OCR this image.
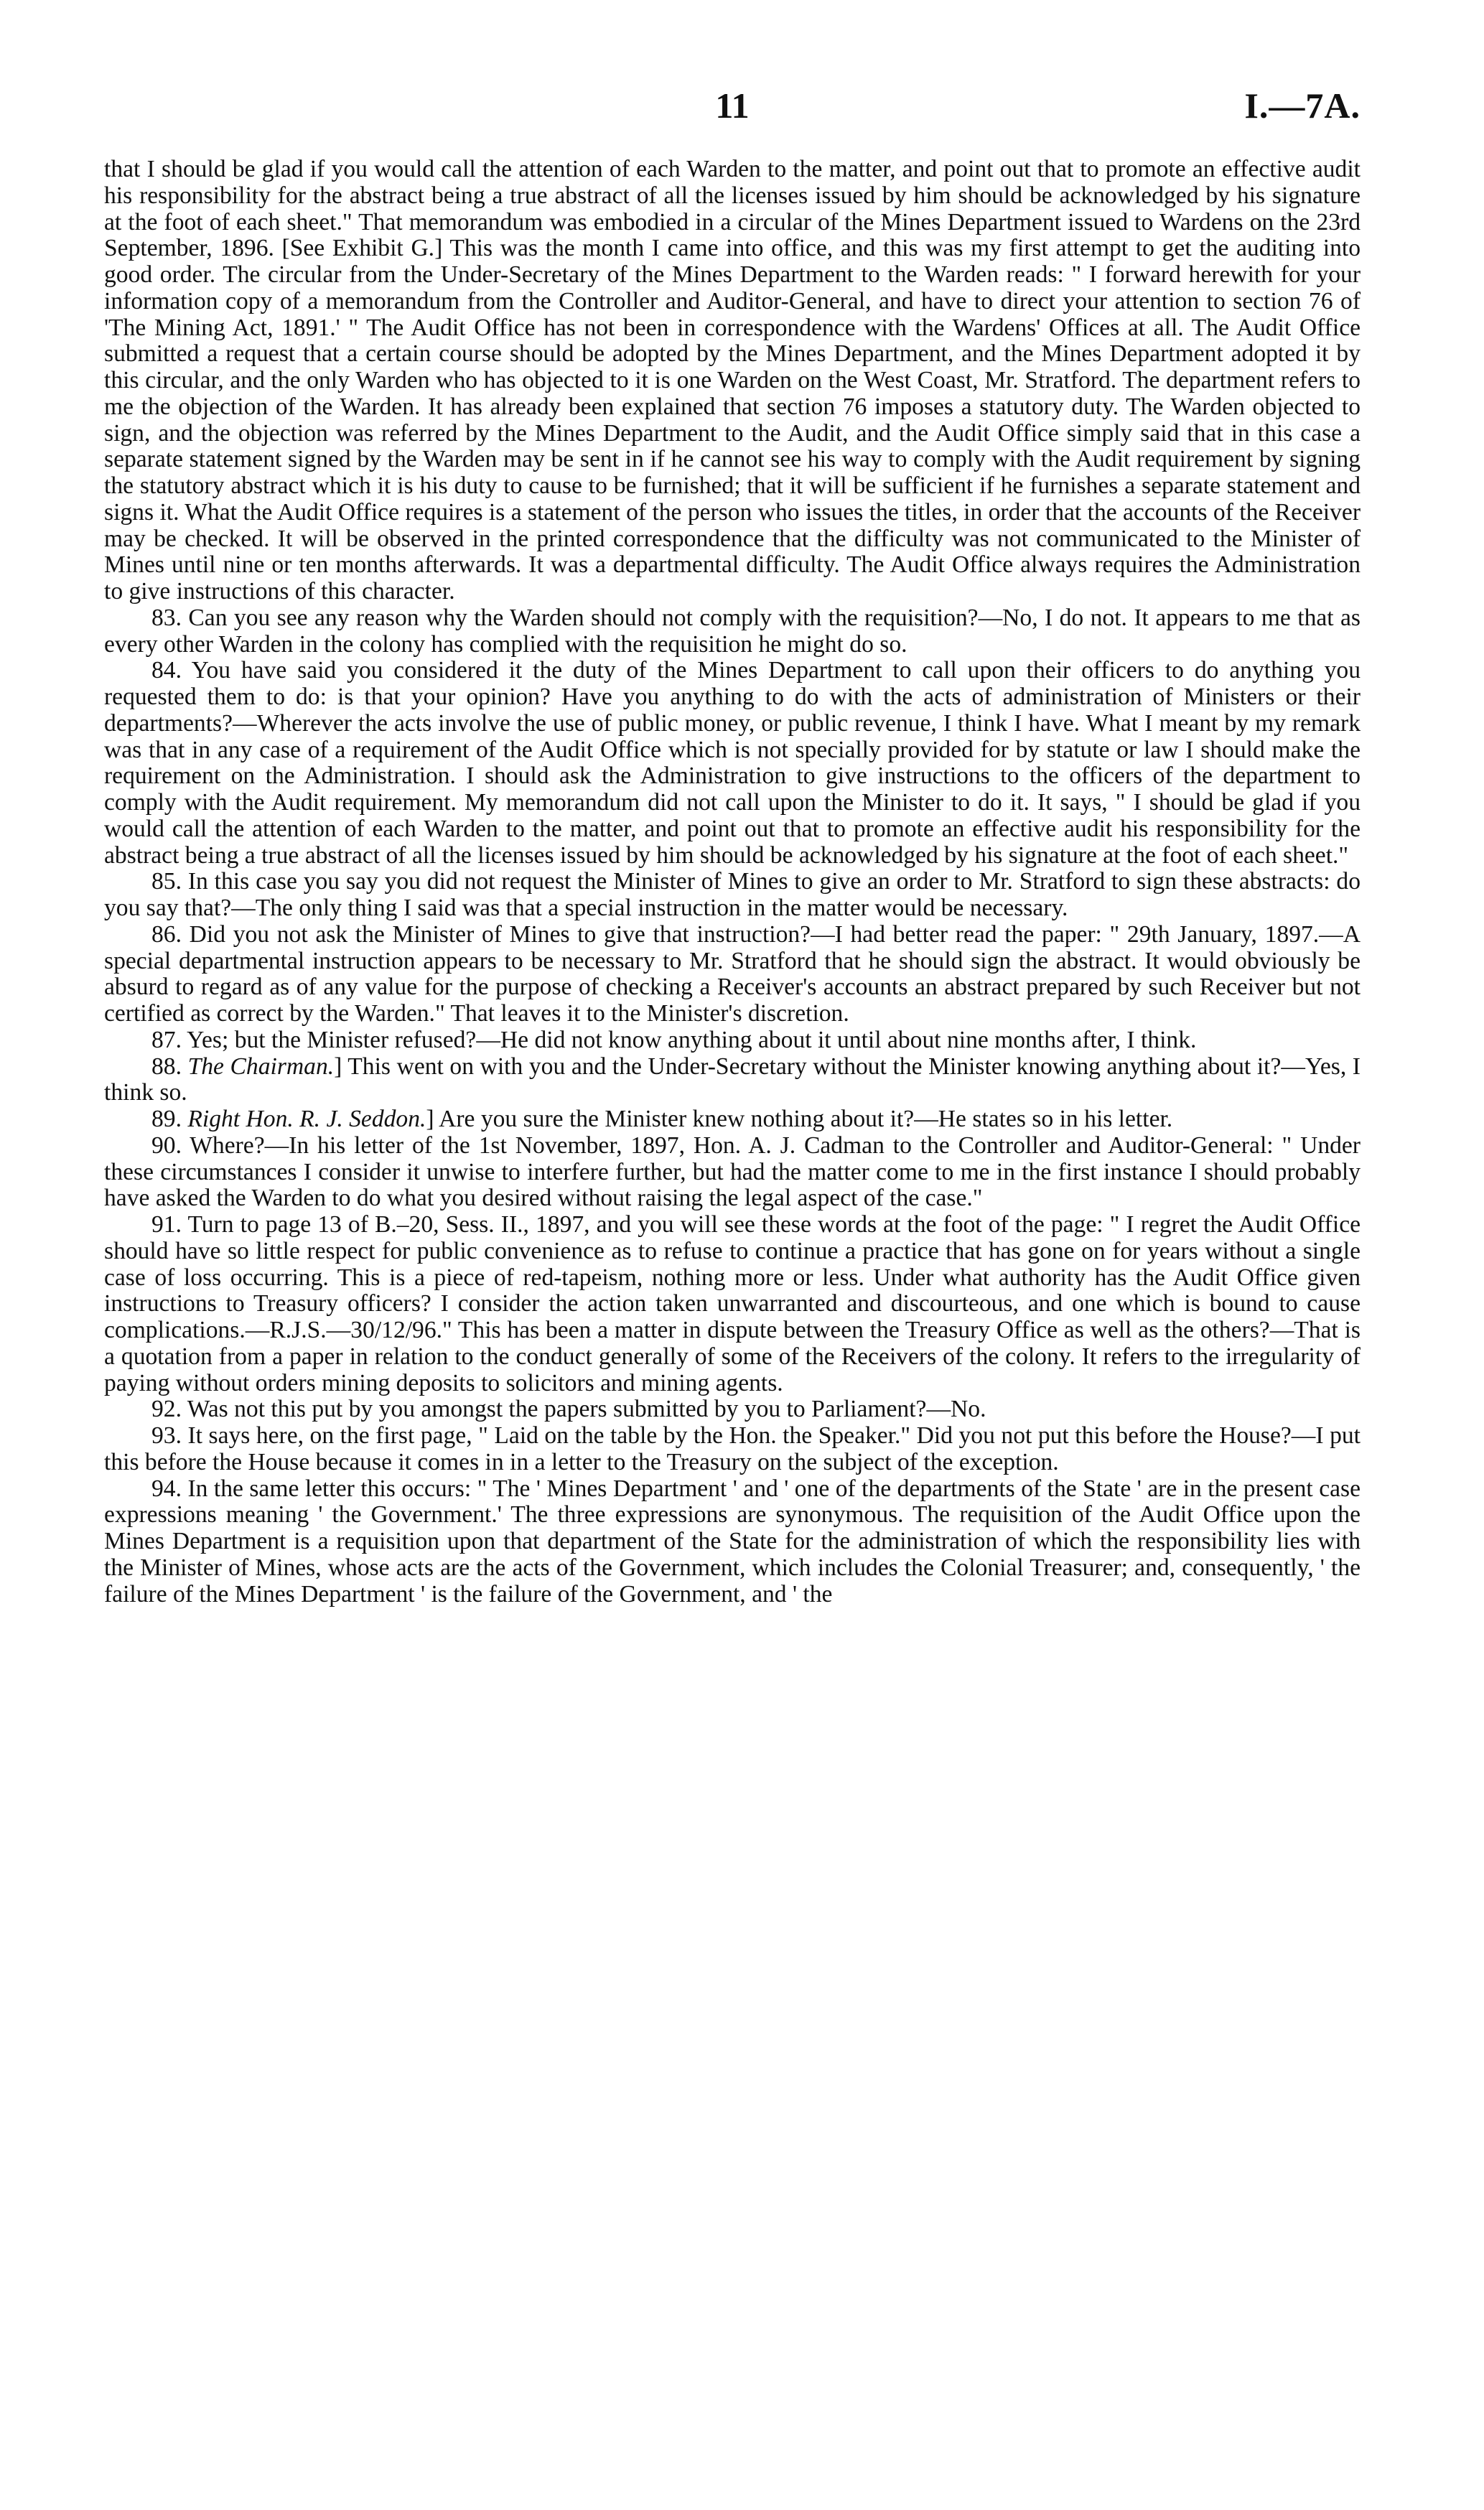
11	I.—7A.

that I should be glad if you would call the attention of each Warden to the matter, and point out that to promote an effective audit his responsibility for the abstract being a true abstract of all the licenses issued by him should be acknowledged by his signature at the foot of each sheet." That memorandum was embodied in a circular of the Mines Department issued to Wardens on the 23rd September, 1896. [See Exhibit G.] This was the month I came into office, and this was my first attempt to get the auditing into good order. The circular from the Under-Secretary of the Mines Department to the Warden reads: " I forward herewith for your information copy of a memorandum from the Controller and Auditor-General, and have to direct your attention to section 76 of 'The Mining Act, 1891.' " The Audit Office has not been in correspondence with the Wardens' Offices at all. The Audit Office submitted a request that a certain course should be adopted by the Mines Department, and the Mines Department adopted it by this circular, and the only Warden who has objected to it is one Warden on the West Coast, Mr. Stratford. The department refers to me the objection of the Warden. It has already been explained that section 76 imposes a statutory duty. The Warden objected to sign, and the objection was referred by the Mines Department to the Audit, and the Audit Office simply said that in this case a separate statement signed by the Warden may be sent in if he cannot see his way to comply with the Audit requirement by signing the statutory abstract which it is his duty to cause to be furnished; that it will be sufficient if he furnishes a separate statement and signs it. What the Audit Office requires is a statement of the person who issues the titles, in order that the accounts of the Receiver may be checked. It will be observed in the printed correspondence that the difficulty was not communicated to the Minister of Mines until nine or ten months afterwards. It was a departmental difficulty. The Audit Office always requires the Administration to give instructions of this character.

83. Can you see any reason why the Warden should not comply with the requisition?—No, I do not. It appears to me that as every other Warden in the colony has complied with the requisition he might do so.

84. You have said you considered it the duty of the Mines Department to call upon their officers to do anything you requested them to do: is that your opinion? Have you anything to do with the acts of administration of Ministers or their departments?—Wherever the acts involve the use of public money, or public revenue, I think I have. What I meant by my remark was that in any case of a requirement of the Audit Office which is not specially provided for by statute or law I should make the requirement on the Administration. I should ask the Administration to give instructions to the officers of the department to comply with the Audit requirement. My memorandum did not call upon the Minister to do it. It says, " I should be glad if you would call the attention of each Warden to the matter, and point out that to promote an effective audit his responsibility for the abstract being a true abstract of all the licenses issued by him should be acknowledged by his signature at the foot of each sheet."

85. In this case you say you did not request the Minister of Mines to give an order to Mr. Stratford to sign these abstracts: do you say that?—The only thing I said was that a special instruction in the matter would be necessary.

86. Did you not ask the Minister of Mines to give that instruction?—I had better read the paper: " 29th January, 1897.—A special departmental instruction appears to be necessary to Mr. Stratford that he should sign the abstract. It would obviously be absurd to regard as of any value for the purpose of checking a Receiver's accounts an abstract prepared by such Receiver but not certified as correct by the Warden." That leaves it to the Minister's discretion.

87. Yes; but the Minister refused?—He did not know anything about it until about nine months after, I think.

88. The Chairman.] This went on with you and the Under-Secretary without the Minister knowing anything about it?—Yes, I think so.

89. Right Hon. R. J. Seddon.] Are you sure the Minister knew nothing about it?—He states so in his letter.

90. Where?—In his letter of the 1st November, 1897, Hon. A. J. Cadman to the Controller and Auditor-General: " Under these circumstances I consider it unwise to interfere further, but had the matter come to me in the first instance I should probably have asked the Warden to do what you desired without raising the legal aspect of the case."

91. Turn to page 13 of B.–20, Sess. II., 1897, and you will see these words at the foot of the page: " I regret the Audit Office should have so little respect for public convenience as to refuse to continue a practice that has gone on for years without a single case of loss occurring. This is a piece of red-tapeism, nothing more or less. Under what authority has the Audit Office given instructions to Treasury officers? I consider the action taken unwarranted and discourteous, and one which is bound to cause complications.—R.J.S.—30/12/96." This has been a matter in dispute between the Treasury Office as well as the others?—That is a quotation from a paper in relation to the conduct generally of some of the Receivers of the colony. It refers to the irregularity of paying without orders mining deposits to solicitors and mining agents.

92. Was not this put by you amongst the papers submitted by you to Parliament?—No.

93. It says here, on the first page, " Laid on the table by the Hon. the Speaker." Did you not put this before the House?—I put this before the House because it comes in in a letter to the Treasury on the subject of the exception.

94. In the same letter this occurs: " The ' Mines Department ' and ' one of the departments of the State ' are in the present case expressions meaning ' the Government.' The three expressions are synonymous. The requisition of the Audit Office upon the Mines Department is a requisition upon that department of the State for the administration of which the responsibility lies with the Minister of Mines, whose acts are the acts of the Government, which includes the Colonial Treasurer; and, consequently, ' the failure of the Mines Department ' is the failure of the Government, and ' the
